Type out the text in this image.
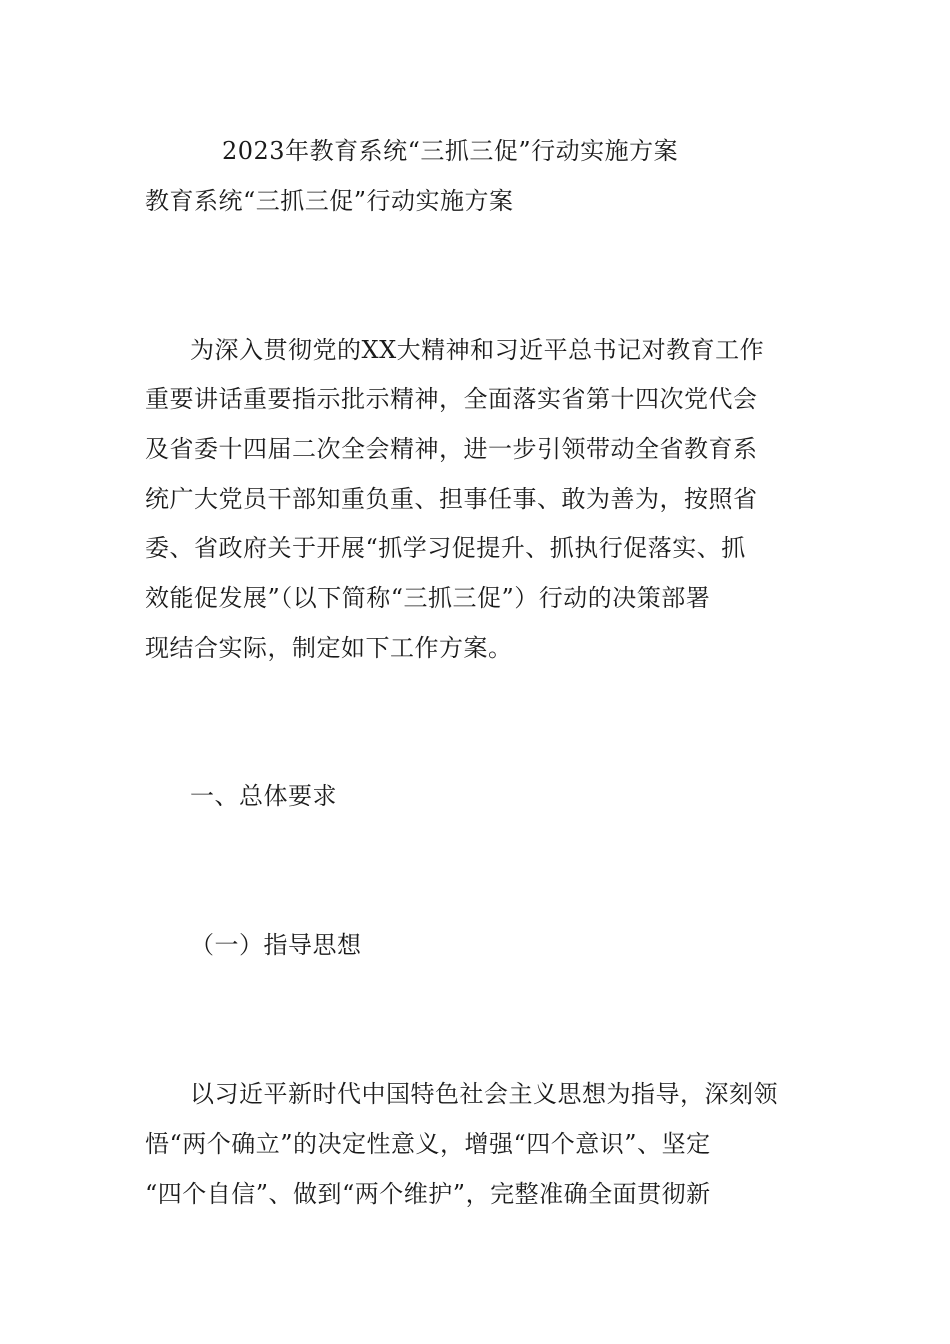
2023年教育系统“三抓三促”行动实施方案
教育系统“三抓三促”行动实施方案
为深入贯彻党的XX大精神和习近平总书记对教育工作
重要讲话重要指示批示精神，全面落实省第十四次党代会
及省委十四届二次全会精神，进一步引领带动全省教育系
统广大党员干部知重负重、担事任事、敢为善为，按照省
委、省政府关于开展“抓学习促提升、抓执行促落实、抓
效能促发展”（以下简称“三抓三促”）行动的决策部署
现结合实际，制定如下工作方案。
一、总体要求
（一）指导思想
以习近平新时代中国特色社会主义思想为指导，深刻领
悟“两个确立”的决定性意义，增强“四个意识”、坚定
“四个自信”、做到“两个维护”，完整准确全面贯彻新
